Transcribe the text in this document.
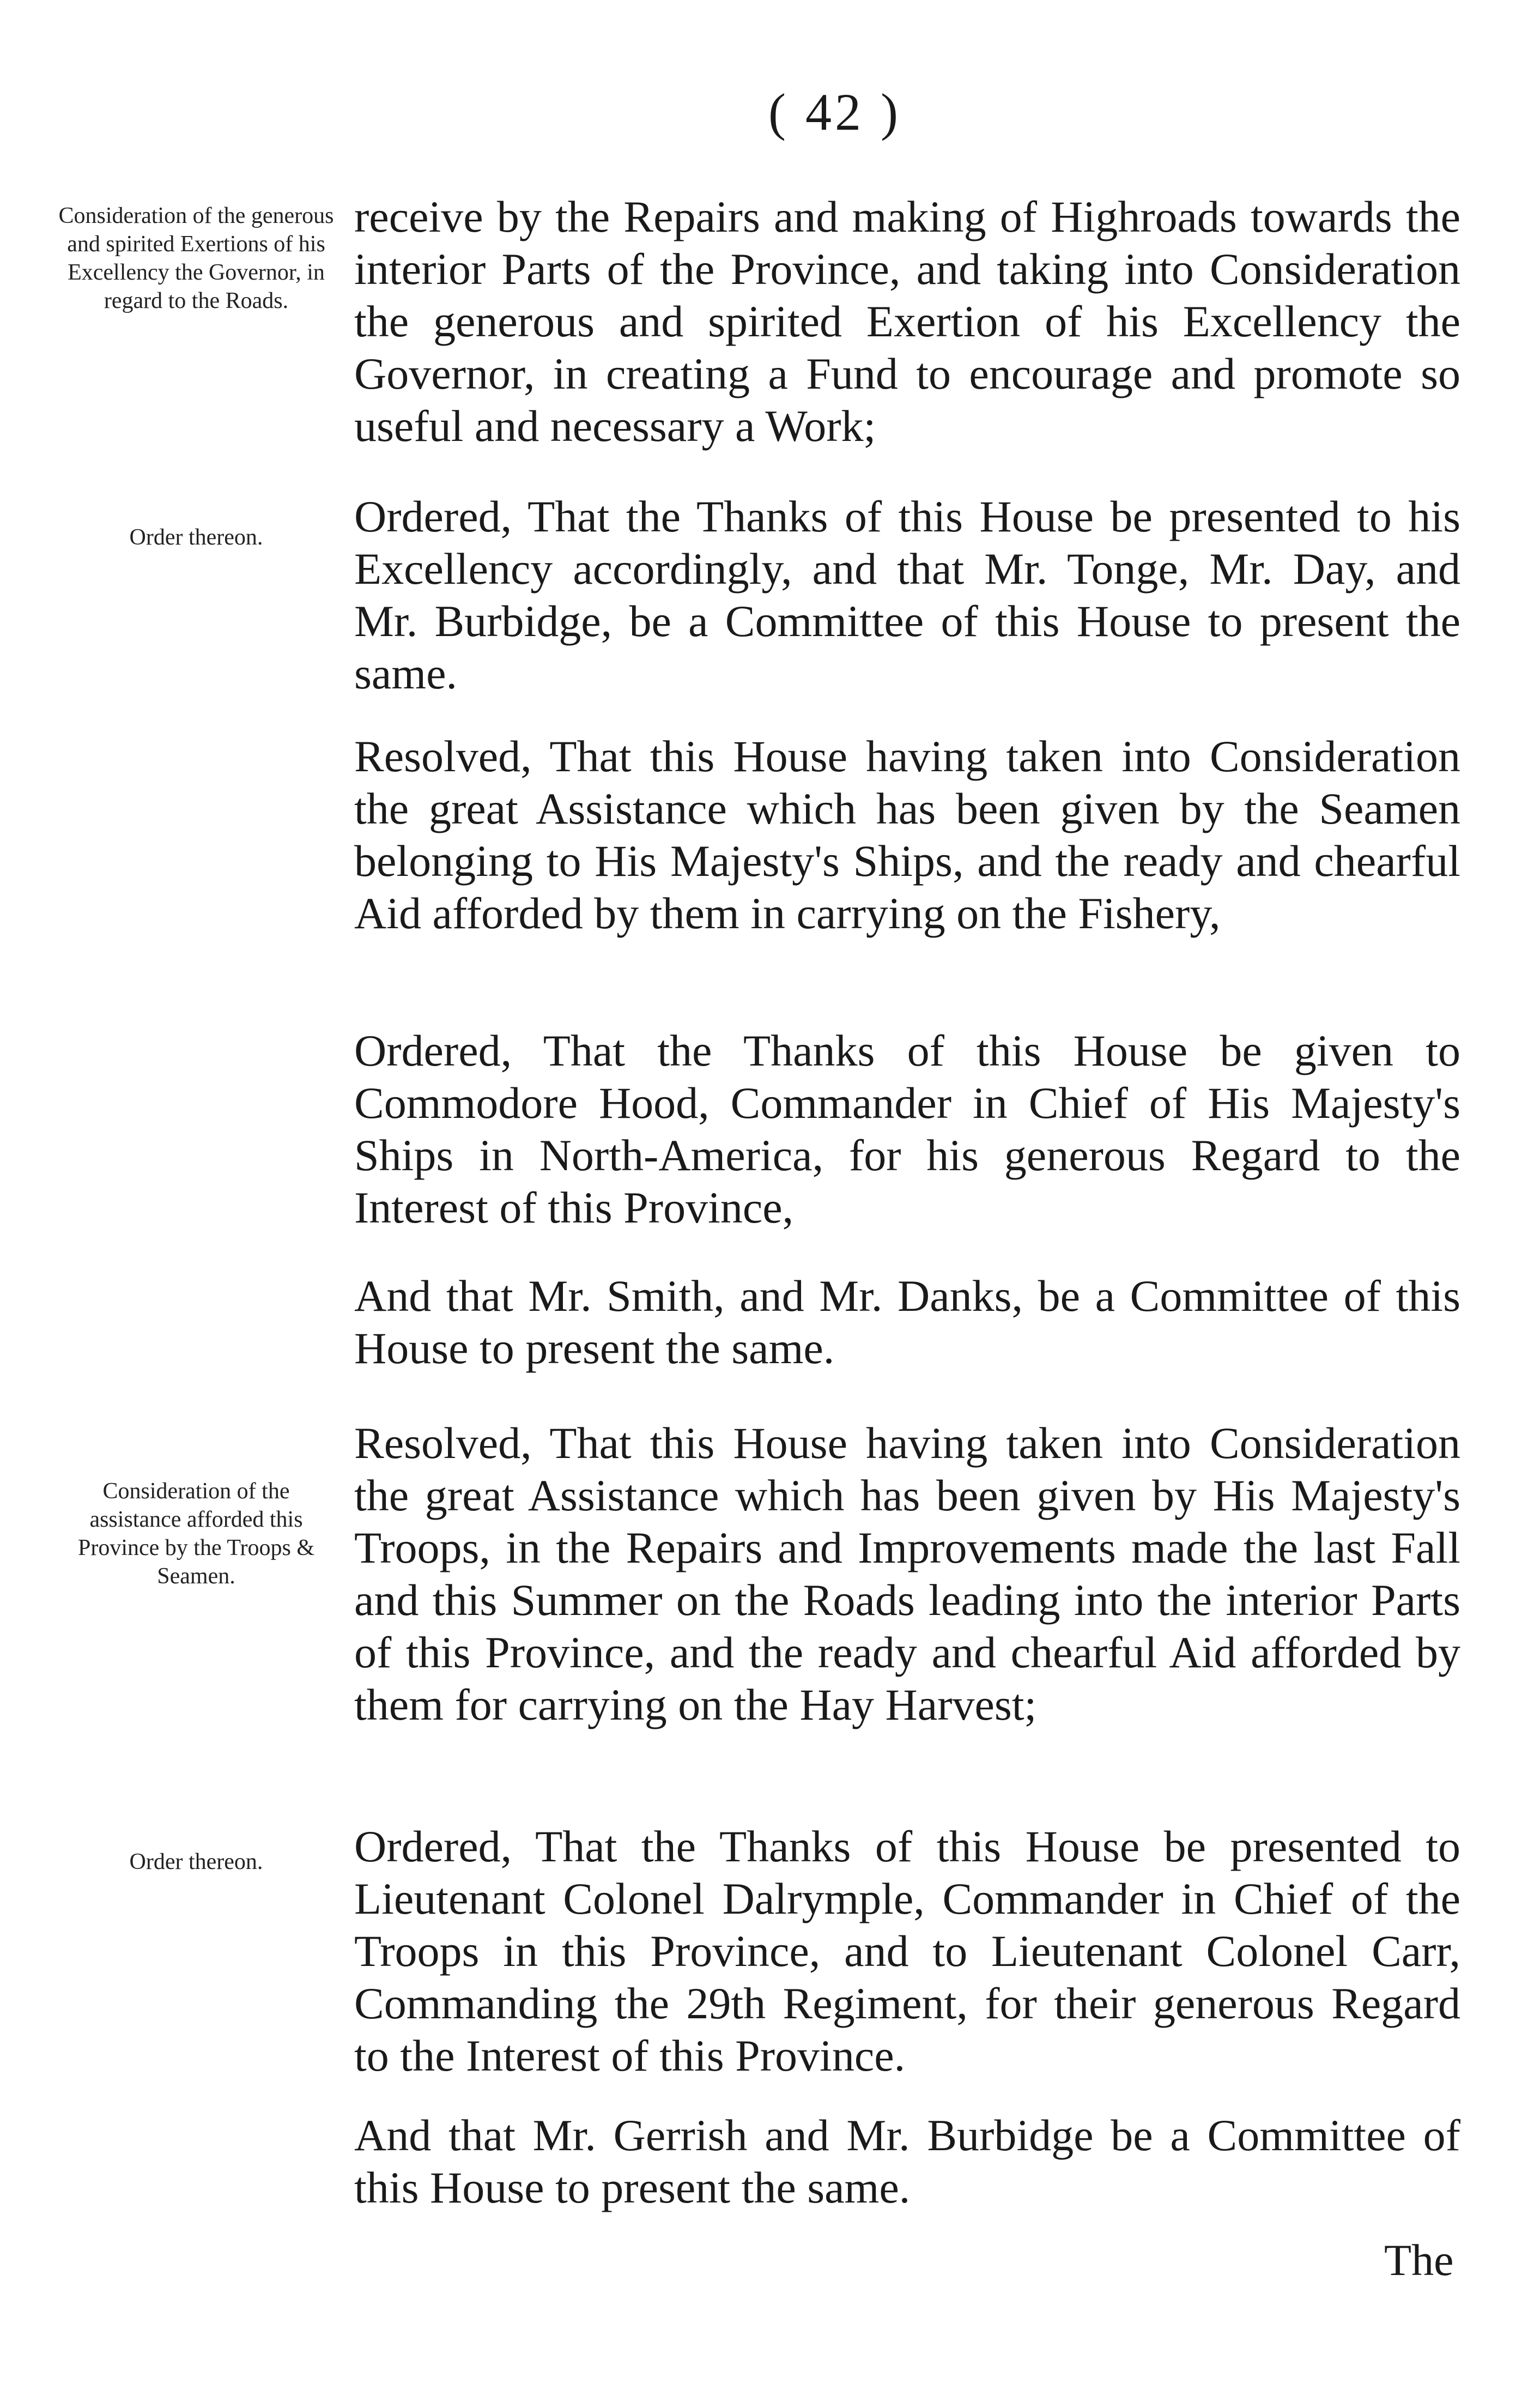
( 42 )
Consideration of the generous and spirited Exertions of his Excellency the Governor, in regard to the Roads.
Order thereon.
Consideration of the assistance afforded this Province by the Troops & Seamen.
Order thereon.

receive by the Repairs and making of Highroads towards the interior Parts of the Province, and taking into Consideration the generous and spirited Exertion of his Excellency the Governor, in creating a Fund to encourage and promote so useful and necessary a Work;

Ordered, That the Thanks of this House be presented to his Excellency accordingly, and that Mr. Tonge, Mr. Day, and Mr. Burbidge, be a Committee of this House to present the same.

Resolved, That this House having taken into Consideration the great Assistance which has been given by the Seamen belonging to His Majesty's Ships, and the ready and chearful Aid afforded by them in carrying on the Fishery,

Ordered, That the Thanks of this House be given to Commodore Hood, Commander in Chief of His Majesty's Ships in North-America, for his generous Regard to the Interest of this Province,

And that Mr. Smith, and Mr. Danks, be a Committee of this House to present the same.

Resolved, That this House having taken into Consideration the great Assistance which has been given by His Majesty's Troops, in the Repairs and Improvements made the last Fall and this Summer on the Roads leading into the interior Parts of this Province, and the ready and chearful Aid afforded by them for carrying on the Hay Harvest;

Ordered, That the Thanks of this House be presented to Lieutenant Colonel Dalrymple, Commander in Chief of the Troops in this Province, and to Lieutenant Colonel Carr, Commanding the 29th Regiment, for their generous Regard to the Interest of this Province.

And that Mr. Gerrish and Mr. Burbidge be a Committee of this House to present the same.

The
